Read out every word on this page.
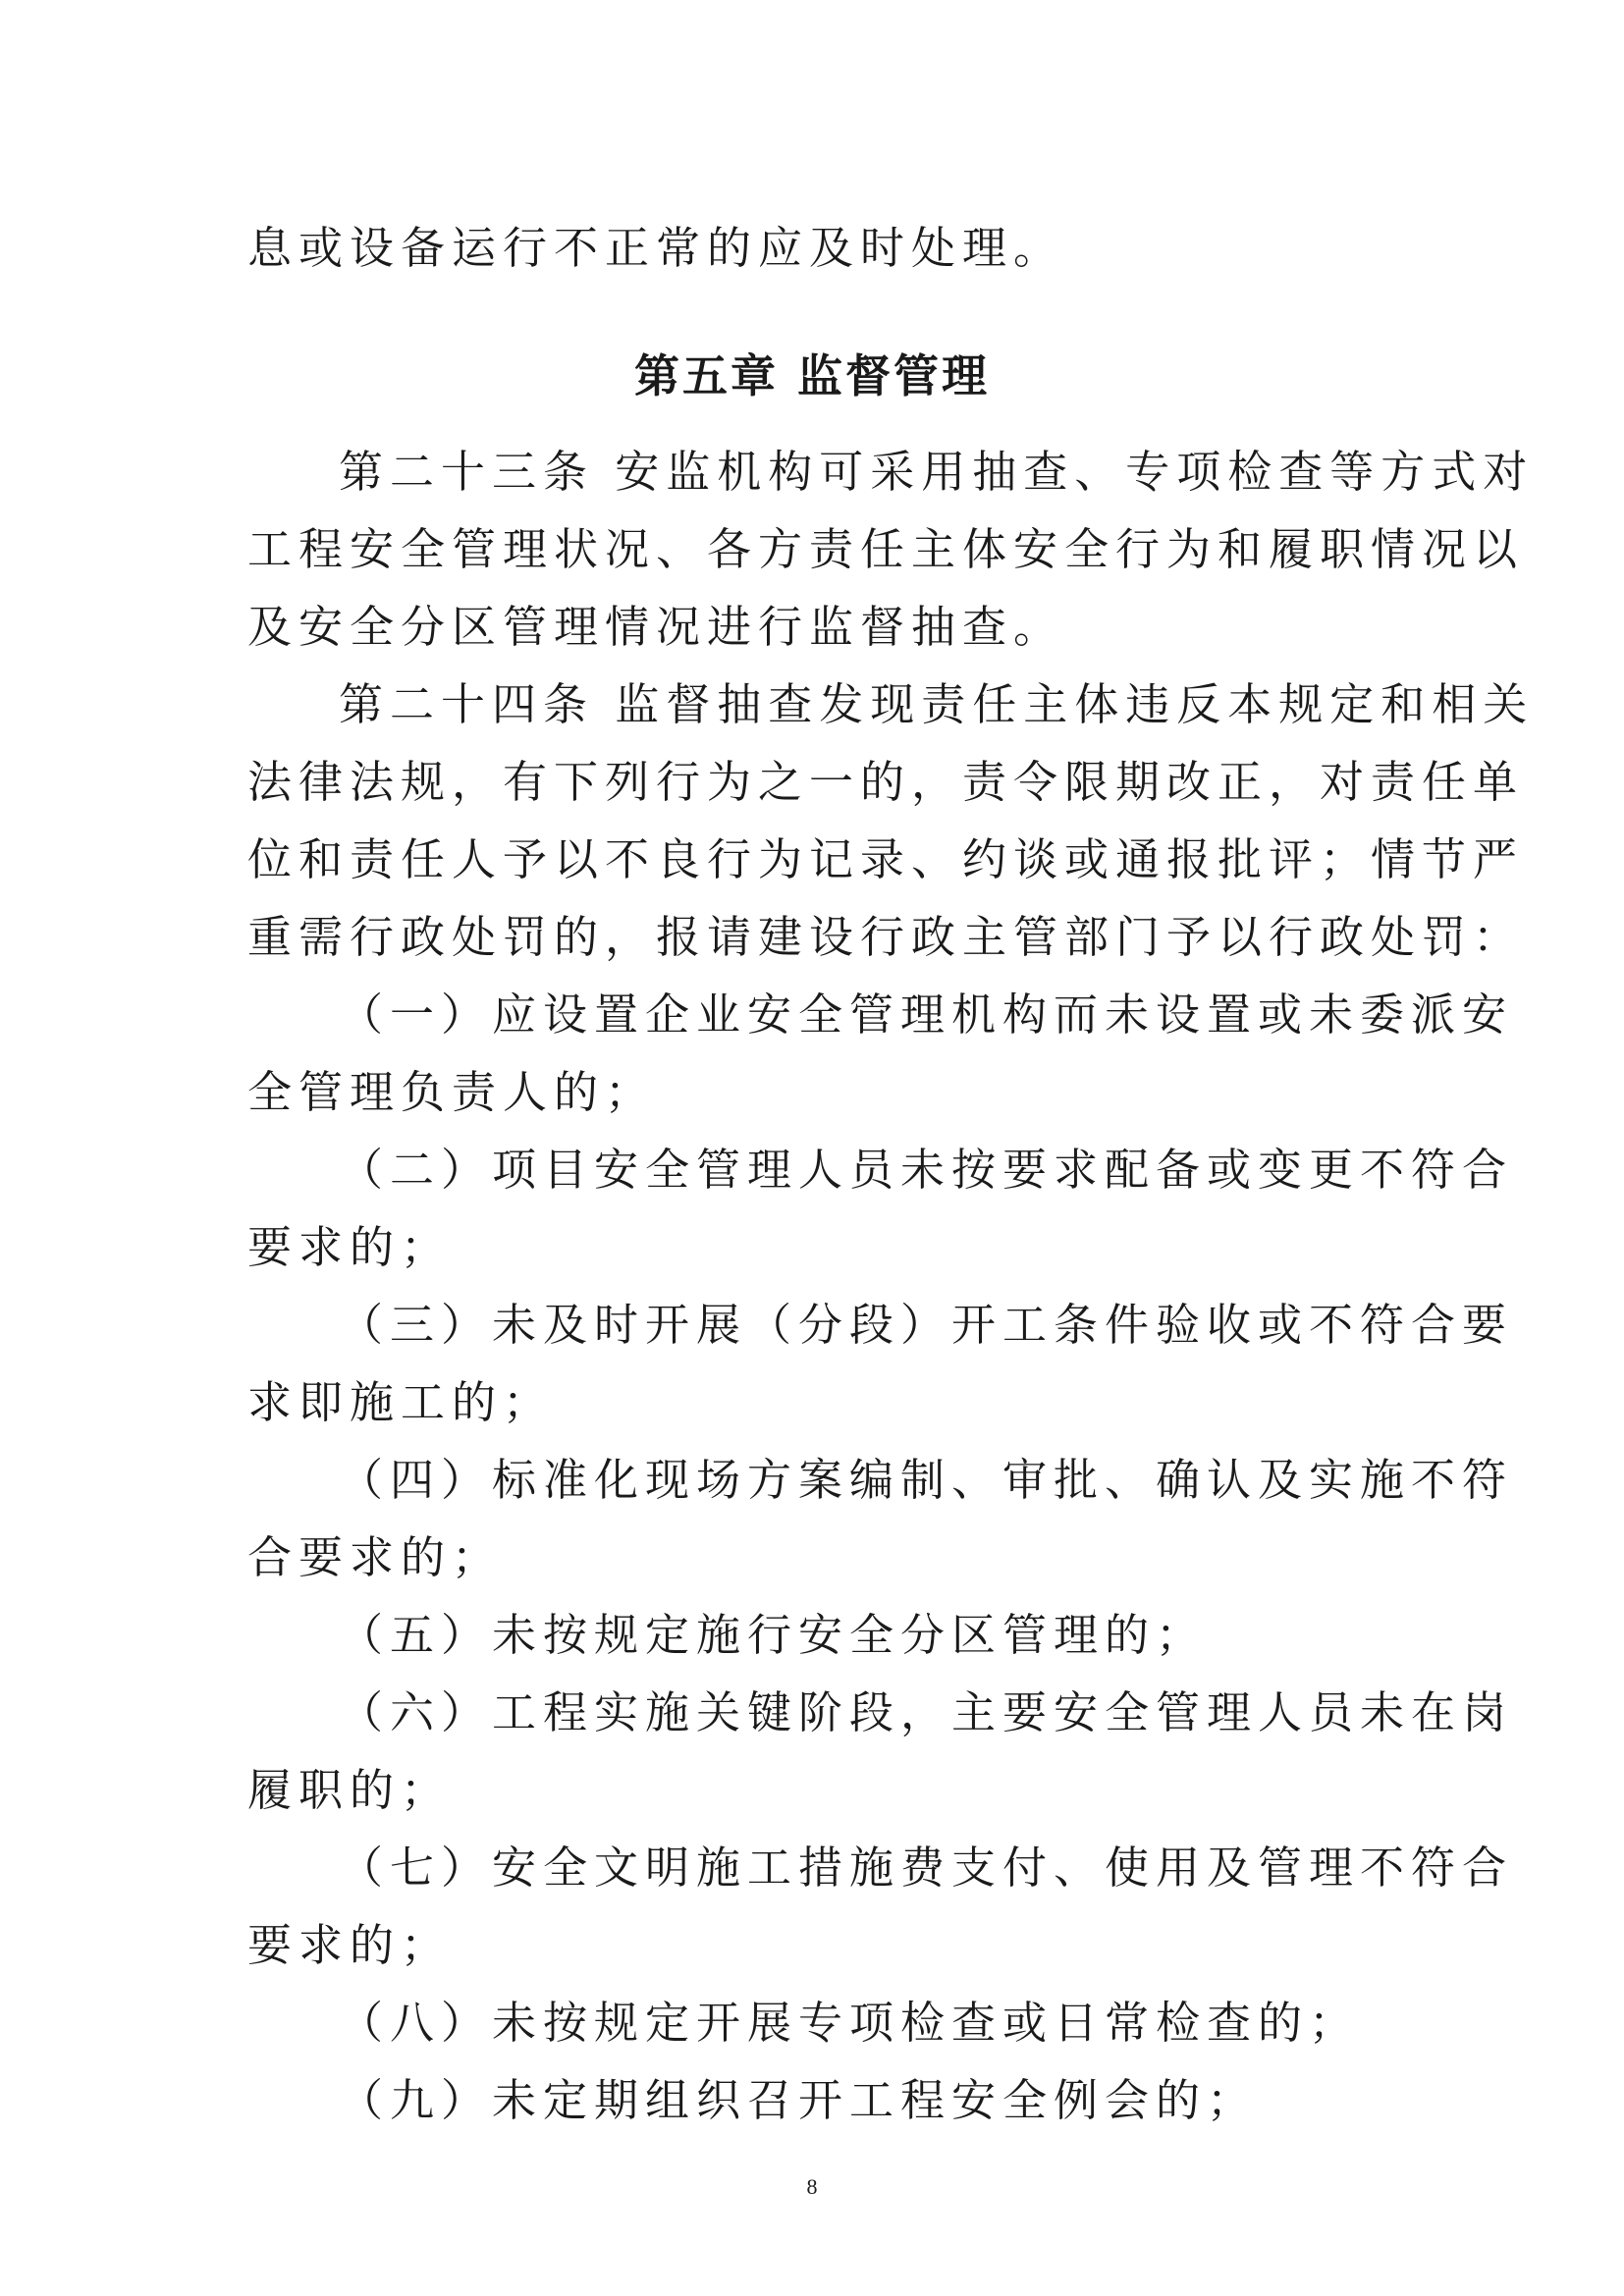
息或设备运行不正常的应及时处理。
第五章 监督管理
第二十三条 安监机构可采用抽查、专项检查等方式对
工程安全管理状况、各方责任主体安全行为和履职情况以
及安全分区管理情况进行监督抽查。
第二十四条 监督抽查发现责任主体违反本规定和相关
法律法规，有下列行为之一的，责令限期改正，对责任单
位和责任人予以不良行为记录、约谈或通报批评；情节严
重需行政处罚的，报请建设行政主管部门予以行政处罚：
（一）应设置企业安全管理机构而未设置或未委派安
全管理负责人的；
（二）项目安全管理人员未按要求配备或变更不符合
要求的；
（三）未及时开展（分段）开工条件验收或不符合要
求即施工的；
（四）标准化现场方案编制、审批、确认及实施不符
合要求的；
（五）未按规定施行安全分区管理的；
（六）工程实施关键阶段，主要安全管理人员未在岗
履职的；
（七）安全文明施工措施费支付、使用及管理不符合
要求的；
（八）未按规定开展专项检查或日常检查的；
（九）未定期组织召开工程安全例会的；
8
